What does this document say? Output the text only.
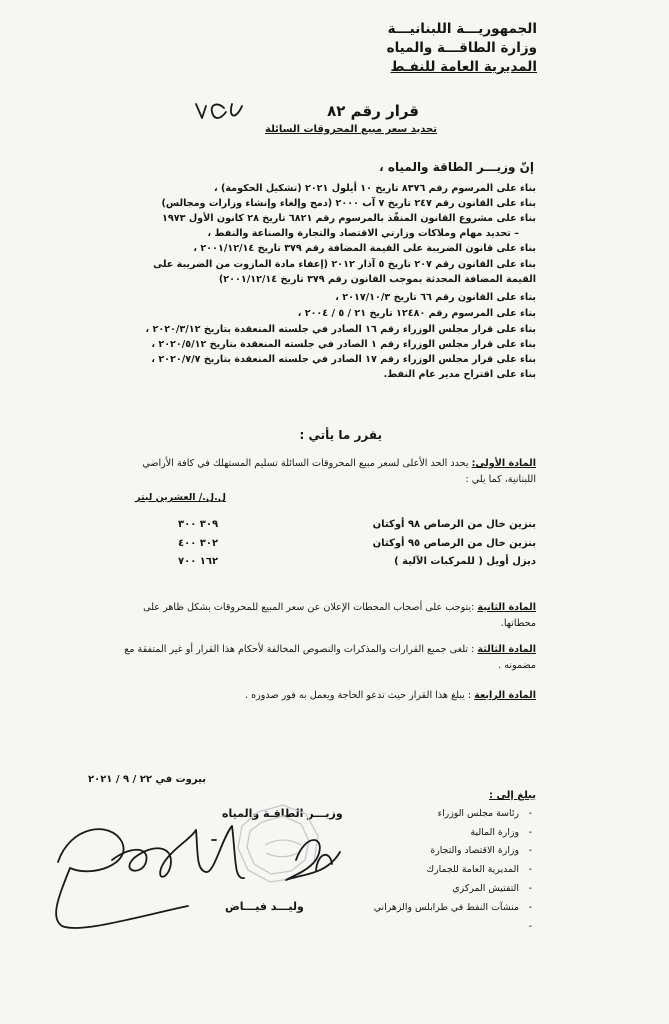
الجمهوريـــة اللبنانيـــة
وزارة الطاقـــة والمياه
المديرية العامة للنفـط
قرار رقم ٨٢
تحديد سعر مبيع المحروقات السائلة
إنّ وزيـــر الطاقة والمياه ،
بناء على المرسوم رقم ٨٣٧٦ تاريخ ١٠ أيلول ٢٠٢١ (تشكيل الحكومة) ،
بناء على القانون رقم ٢٤٧ تاريخ ٧ آب ٢٠٠٠ (دمج وإلغاء وإنشاء وزارات ومجالس)
بناء على مشروع القانون المنفّذ بالمرسوم رقم ٦٨٢١ تاريخ ٢٨ كانون الأول ١٩٧٣
– تحديد مهام وملاكات وزارتي الاقتصاد والتجارة والصناعة والنفط ،
بناء على قانون الضريبة على القيمة المضافة رقم ٣٧٩ تاريخ ٢٠٠١/١٢/١٤ ،
بناء على القانون رقم ٢٠٧ تاريخ ٥ آذار ٢٠١٢ (إعفاء مادة المازوت من الضريبة على
القيمة المضافة المحدثة بموجب القانون رقم ٣٧٩ تاريخ ٢٠٠١/١٢/١٤)
بناء على القانون رقم ٦٦ تاريخ ٢٠١٧/١٠/٣ ،
بناء على المرسوم رقم ١٢٤٨٠ تاريخ ٢١ / ٥ / ٢٠٠٤ ،
بناء على قرار مجلس الوزراء رقم ١٦ الصادر في جلسته المنعقدة بتاريخ ٢٠٢٠/٣/١٢ ،
بناء على قرار مجلس الوزراء رقم ١ الصادر في جلسته المنعقدة بتاريخ ٢٠٢٠/٥/١٢ ،
بناء على قرار مجلس الوزراء رقم ١٧ الصادر في جلسته المنعقدة بتاريخ ٢٠٢٠/٧/٧ ،
بناء على اقتراح مدير عام النفط.
يقرر ما يأتي :
المادة الأولى: يحدد الحد الأعلى لسعر مبيع المحروقات السائلة تسليم المستهلك في كافة الأراضي اللبنانية، كما يلي :
ل.ل./ العشرين ليتر
بنزين خال من الرصاص ٩٨ أوكتان
٣٠٩ ٣٠٠
بنزين خال من الرصاص ٩٥ أوكتان
٣٠٢ ٤٠٠
ديزل أويل ( للمركبات الآلية )
١٦٢ ٧٠٠
المادة الثانية :يتوجب على أصحاب المحطات الإعلان عن سعر المبيع للمحروقات بشكل ظاهر على محطاتها.
المادة الثالثة : تلغى جميع القرارات والمذكرات والنصوص المخالفة لأحكام هذا القرار أو غير المتفقة مع مضمونه .
المادة الرابعة : يبلغ هذا القرار حيث تدعو الحاجة ويعمل به فور صدوره .
بيروت في ٢٢ / ٩ / ٢٠٢١
وزيـــر الطاقـة والمياه
وليـــد فيـــاض
يبلغ إلى :
رئاسة مجلس الوزراء -
وزارة المالية -
وزارة الاقتصاد والتجارة -
المديرية العامة للجمارك -
التفتيش المركزي -
منشآت النفط في طرابلس والزهراني -
-
